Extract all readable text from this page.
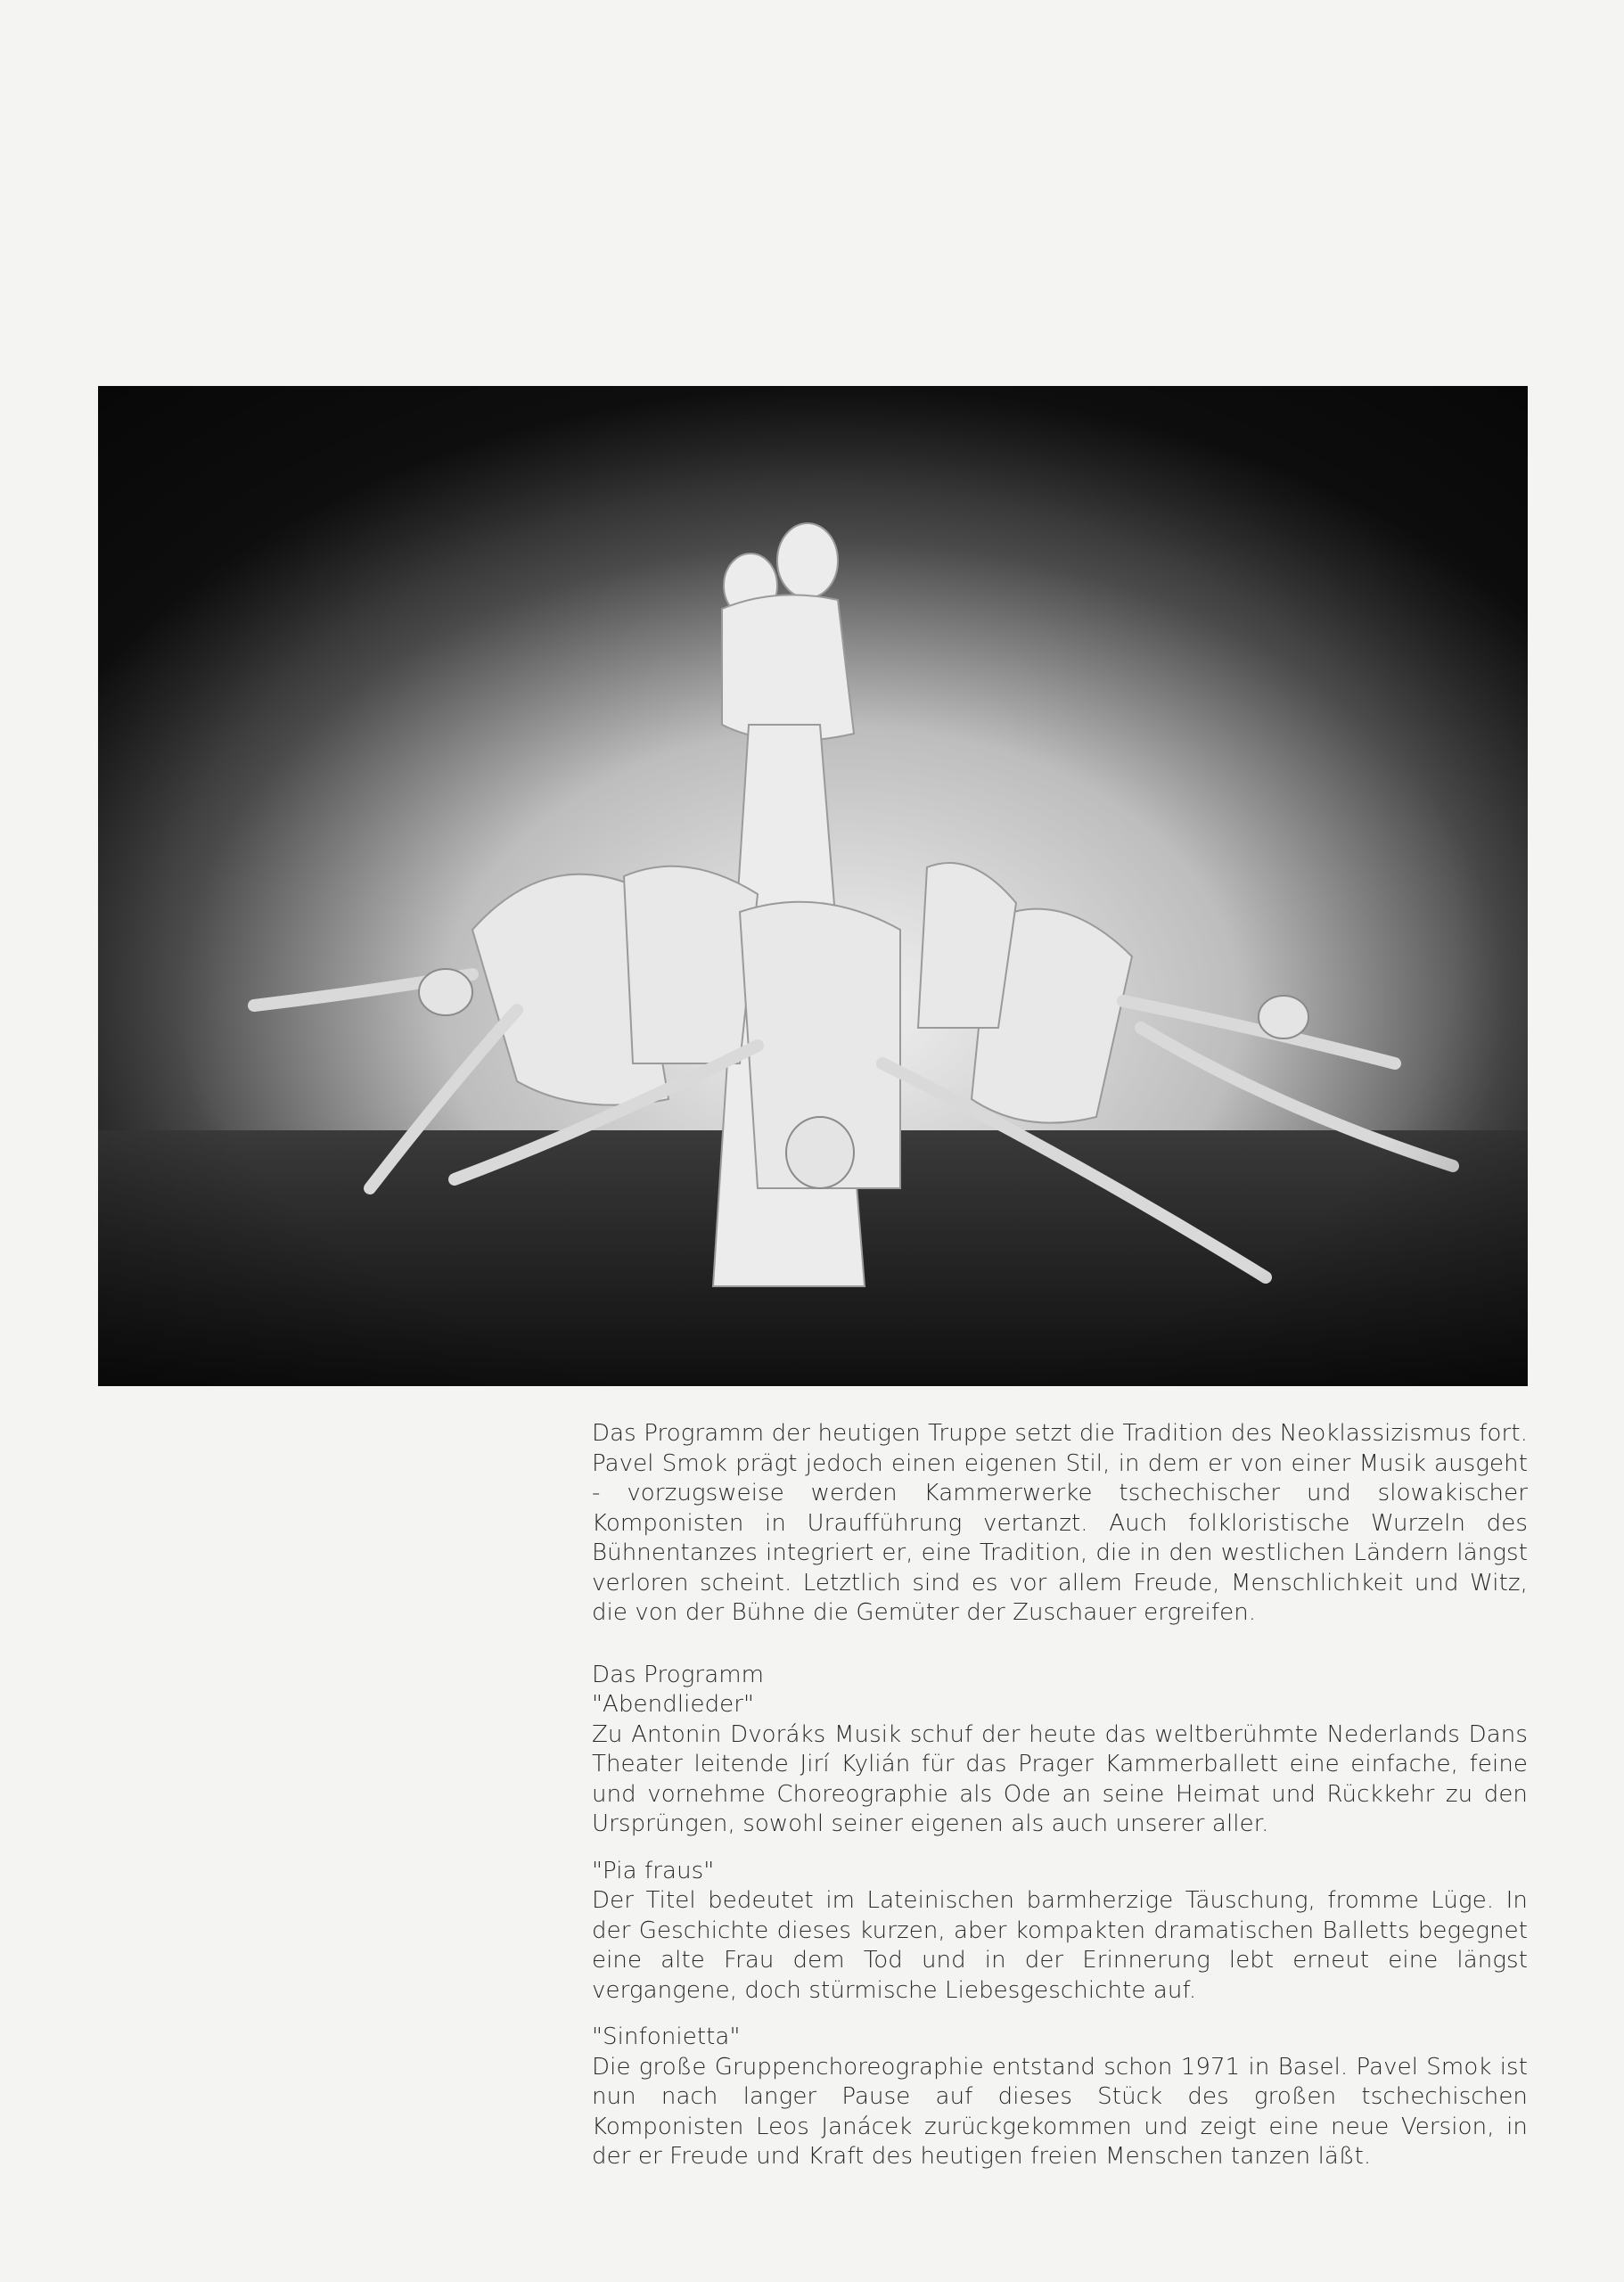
Das Programm der heutigen Truppe setzt die Tradition des Neoklassizismus fort. Pavel Smok prägt jedoch einen eigenen Stil, in dem er von einer Musik ausgeht - vorzugsweise werden Kammerwerke tschechischer und slowakischer Komponisten in Uraufführung vertanzt. Auch folkloristische Wurzeln des Bühnentanzes integriert er, eine Tradition, die in den westlichen Ländern längst verloren scheint. Letztlich sind es vor allem Freude, Menschlichkeit und Witz, die von der Bühne die Gemüter der Zuschauer ergreifen.

Das Programm

"Abendlieder"

Zu Antonin Dvoráks Musik schuf der heute das weltberühmte Nederlands Dans Theater leitende Jirí Kylián für das Prager Kammerballett eine einfache, feine und vornehme Choreographie als Ode an seine Heimat und Rückkehr zu den Ursprüngen, sowohl seiner eigenen als auch unserer aller.

"Pia fraus"

Der Titel bedeutet im Lateinischen barmherzige Täuschung, fromme Lüge. In der Geschichte dieses kurzen, aber kompakten dramatischen Balletts begegnet eine alte Frau dem Tod und in der Erinnerung lebt erneut eine längst vergangene, doch stürmische Liebesgeschichte auf.

"Sinfonietta"

Die große Gruppenchoreographie entstand schon 1971 in Basel. Pavel Smok ist nun nach langer Pause auf dieses Stück des großen tschechischen Komponisten Leos Janácek zurückgekommen und zeigt eine neue Version, in der er Freude und Kraft des heutigen freien Menschen tanzen läßt.
